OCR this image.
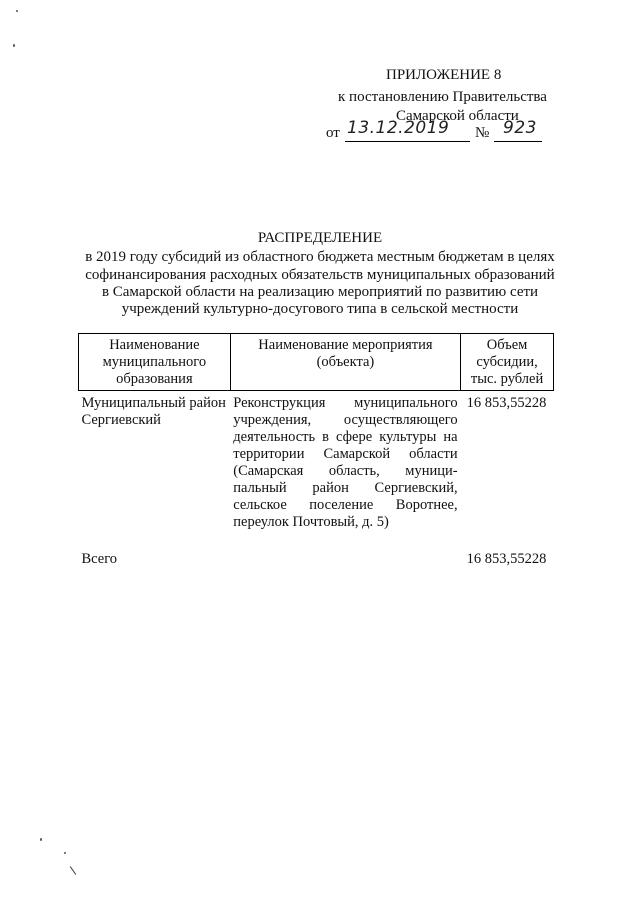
ПРИЛОЖЕНИЕ 8
к постановлению Правительства
Самарской области
от 13.12.2019 № 923
РАСПРЕДЕЛЕНИЕ
в 2019 году субсидий из областного бюджета местным бюджетам в целях
софинансирования расходных обязательств муниципальных образований
в Самарской области на реализацию мероприятий по развитию сети
учреждений культурно-досугового типа в сельской местности
Наименование муниципального образования	Наименование мероприятия (объекта)	Объем субсидии, тыс. рублей
Муниципальный район Сергиевский	Реконструкция муниципального учреждения, осуществляющего деятельность в сфере культуры на территории Самарской области (Самарская область, муници-пальный район Сергиевский, сельское поселение Воротнее, переулок Почтовый, д. 5)	16 853,55228
Всего		16 853,55228
